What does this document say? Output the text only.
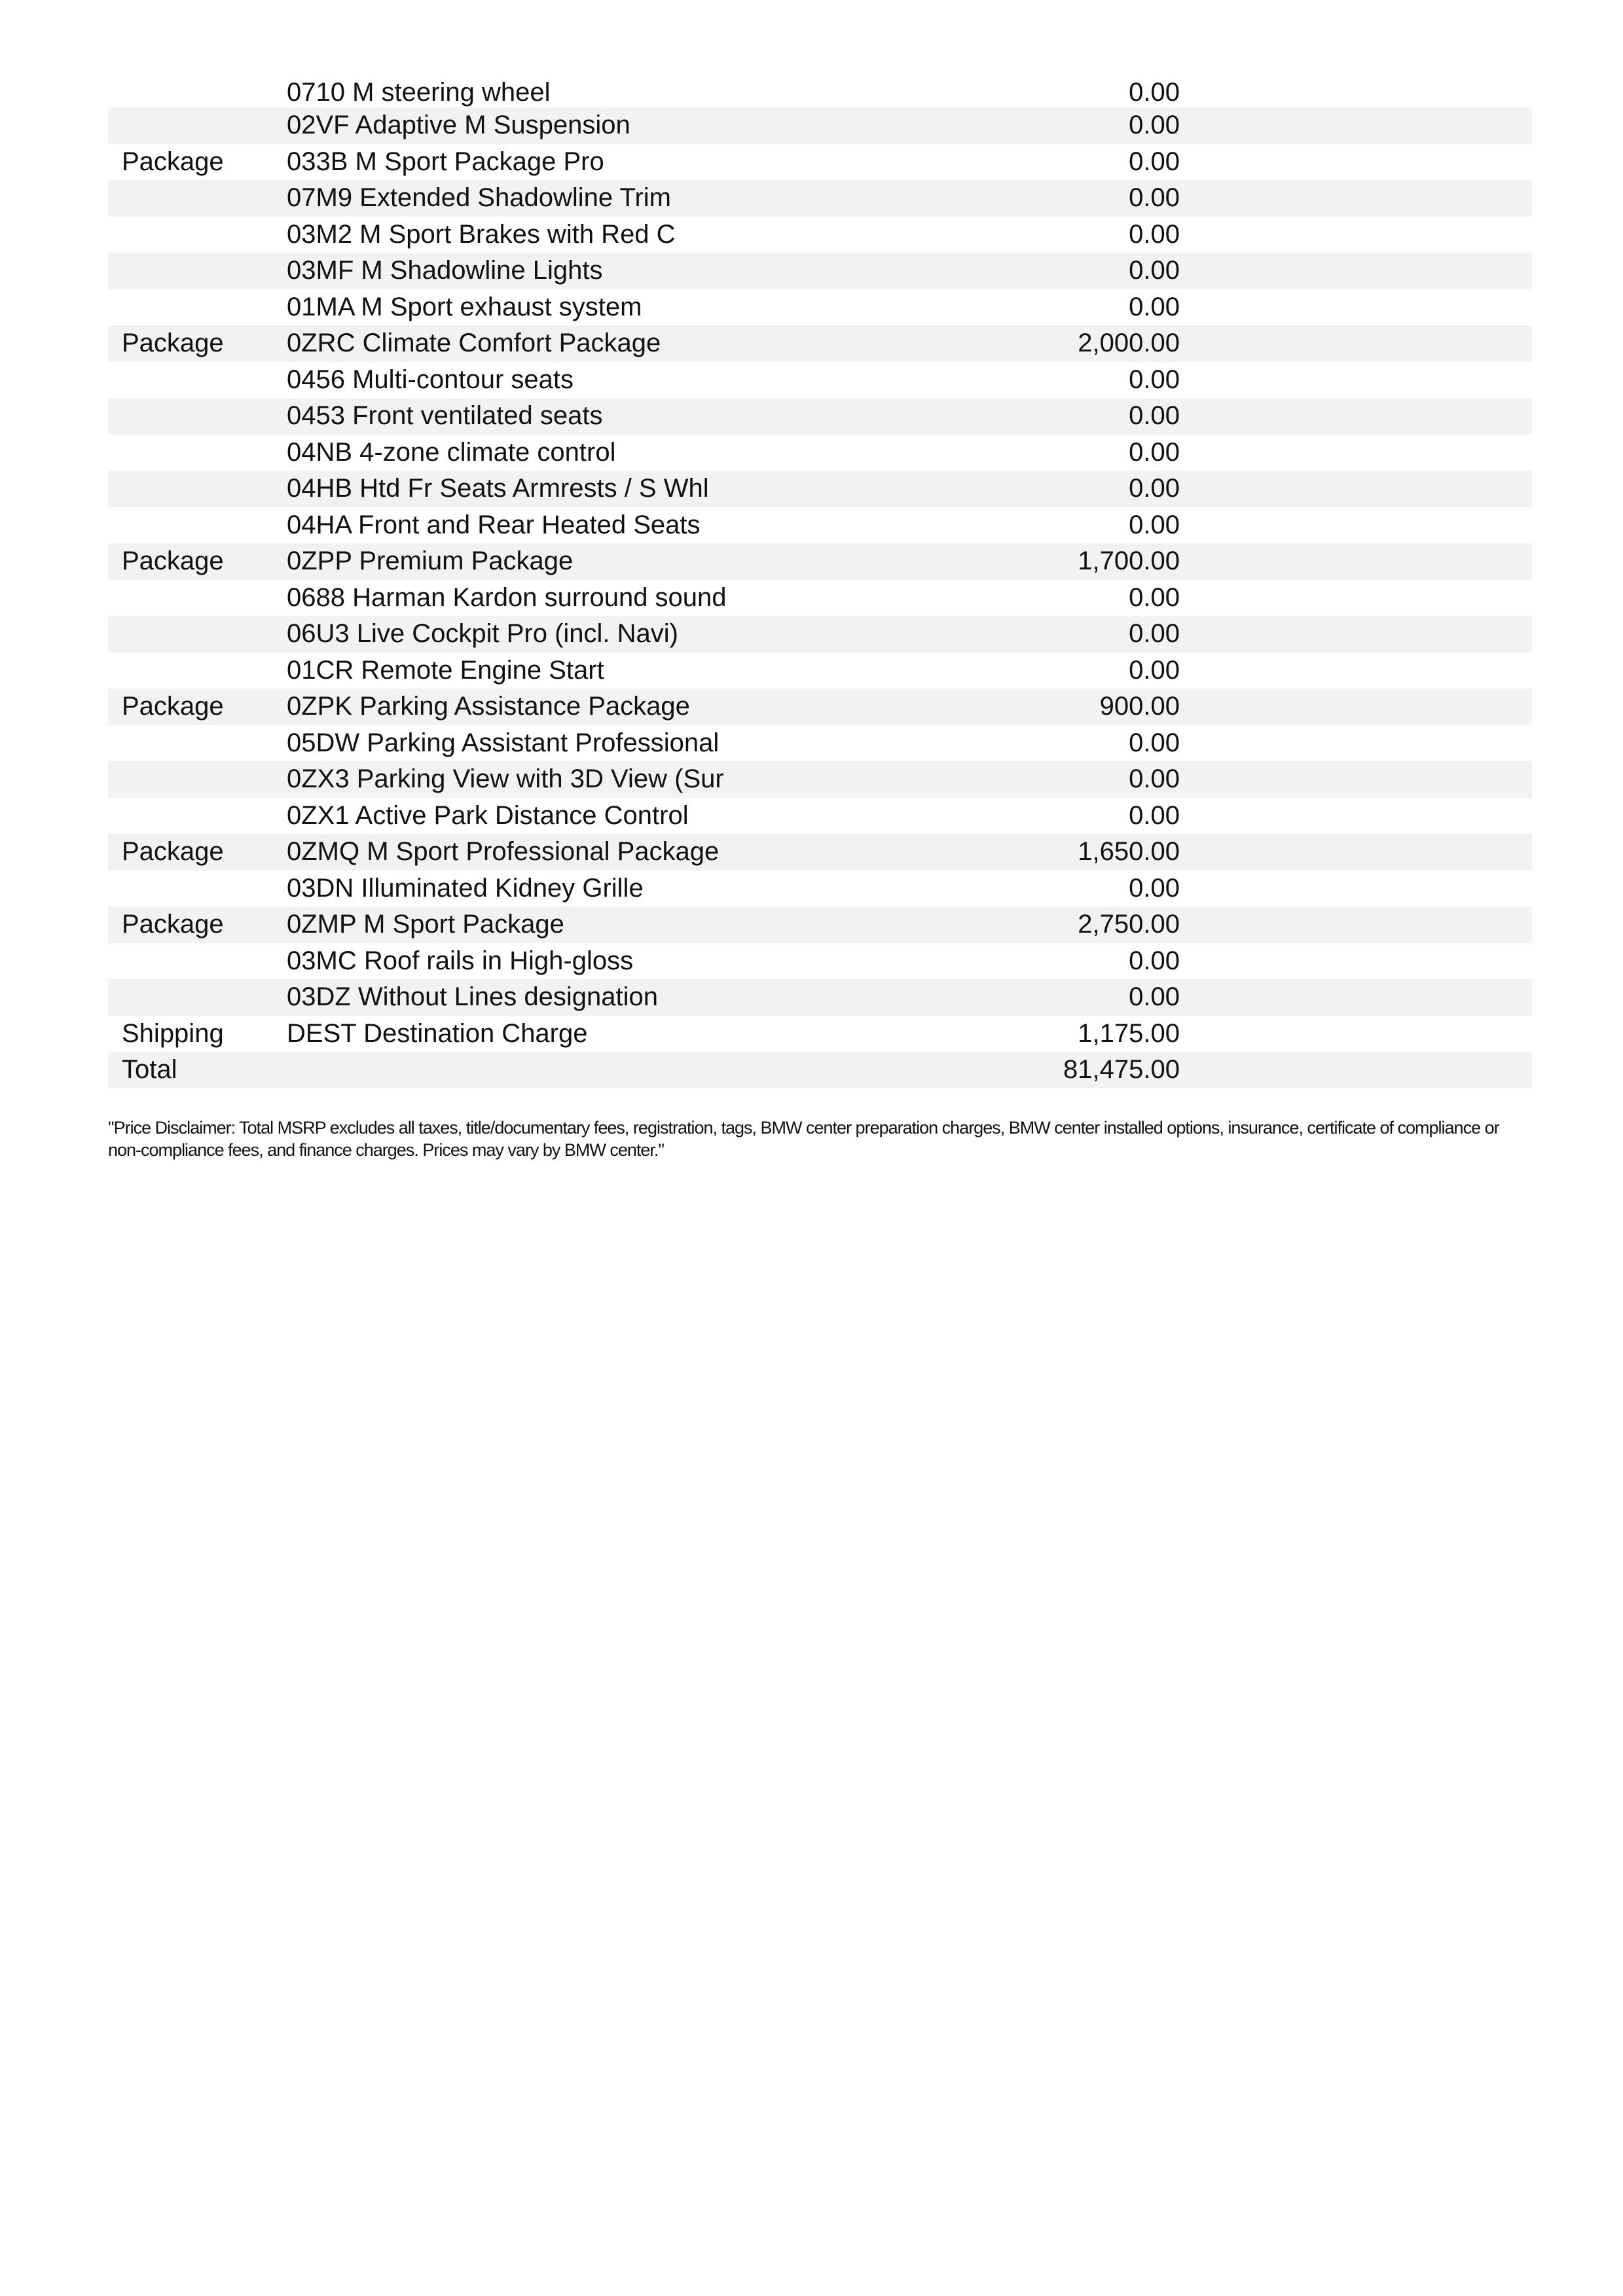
0710 M steering wheel	0.00
02VF Adaptive M Suspension	0.00
Package 033B M Sport Package Pro	0.00
07M9 Extended Shadowline Trim	0.00
03M2 M Sport Brakes with Red C	0.00
03MF M Shadowline Lights	0.00
01MA M Sport exhaust system	0.00
Package 0ZRC Climate Comfort Package	2,000.00
0456 Multi-contour seats	0.00
0453 Front ventilated seats	0.00
04NB 4-zone climate control	0.00
04HB Htd Fr Seats Armrests / S Whl	0.00
04HA Front and Rear Heated Seats	0.00
Package 0ZPP Premium Package	1,700.00
0688 Harman Kardon surround sound	0.00
06U3 Live Cockpit Pro (incl. Navi)	0.00
01CR Remote Engine Start	0.00
Package 0ZPK Parking Assistance Package	900.00
05DW Parking Assistant Professional	0.00
0ZX3 Parking View with 3D View (Sur	0.00
0ZX1 Active Park Distance Control	0.00
Package 0ZMQ M Sport Professional Package	1,650.00
03DN Illuminated Kidney Grille	0.00
Package 0ZMP M Sport Package	2,750.00
03MC Roof rails in High-gloss	0.00
03DZ Without Lines designation	0.00
Shipping DEST Destination Charge	1,175.00
Total	81,475.00
"Price Disclaimer: Total MSRP excludes all taxes, title/documentary fees, registration, tags, BMW center preparation charges, BMW center installed options, insurance, certificate of compliance or non-compliance fees, and finance charges. Prices may vary by BMW center."
